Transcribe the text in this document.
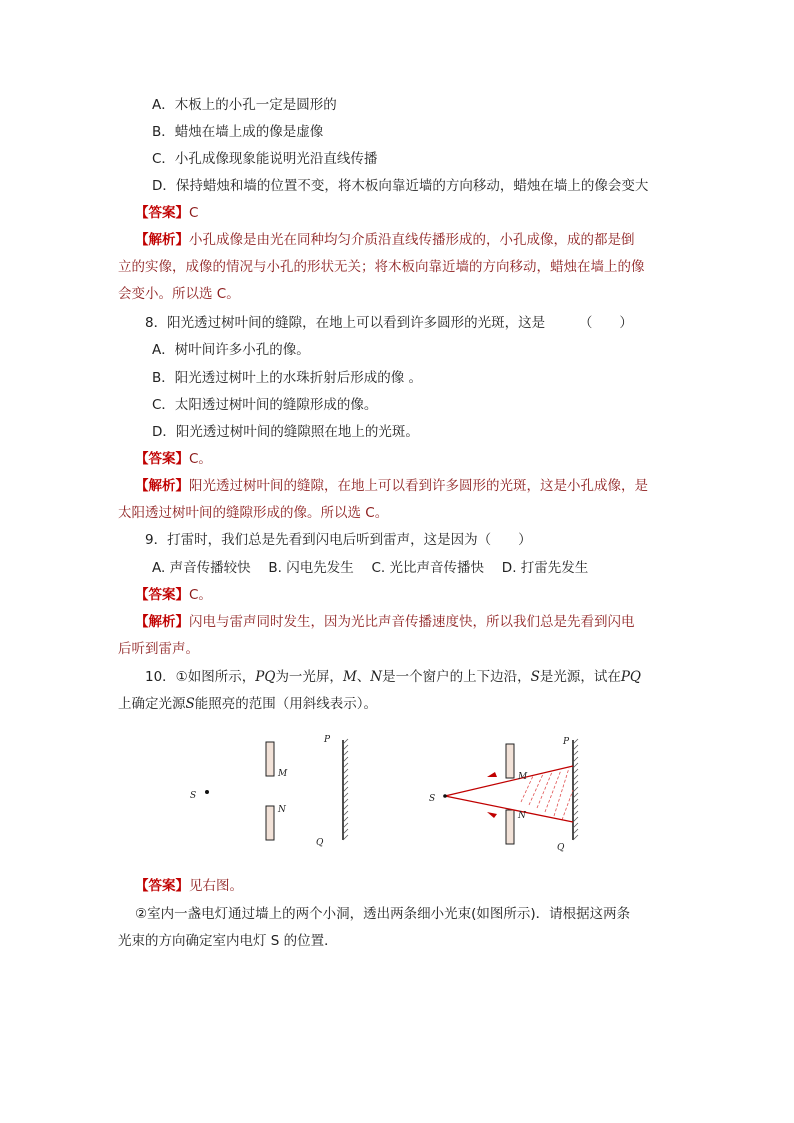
A．木板上的小孔一定是圆形的
B．蜡烛在墙上成的像是虚像
C．小孔成像现象能说明光沿直线传播
D．保持蜡烛和墙的位置不变，将木板向靠近墙的方向移动，蜡烛在墙上的像会变大
【答案】C
【解析】小孔成像是由光在同种均匀介质沿直线传播形成的，小孔成像，成的都是倒
立的实像，成像的情况与小孔的形状无关；将木板向靠近墙的方向移动，蜡烛在墙上的像
会变小。所以选 C。
8．阳光透过树叶间的缝隙，在地上可以看到许多圆形的光斑，这是　　　（　　）
A．树叶间许多小孔的像。
B．阳光透过树叶上的水珠折射后形成的像 。
C．太阳透过树叶间的缝隙形成的像。
D．阳光透过树叶间的缝隙照在地上的光斑。
【答案】C。
【解析】阳光透过树叶间的缝隙，在地上可以看到许多圆形的光斑，这是小孔成像，是
太阳透过树叶间的缝隙形成的像。所以选 C。
9．打雷时，我们总是先看到闪电后听到雷声，这是因为（　　）
A. 声音传播较快　 B. 闪电先发生　 C. 光比声音传播快　 D. 打雷先发生
【答案】C。
【解析】闪电与雷声同时发生，因为光比声音传播速度快，所以我们总是先看到闪电
后听到雷声。
10．①如图所示，PQ为一光屏，M、N是一个窗户的上下边沿，S是光源，试在PQ
上确定光源S能照亮的范围（用斜线表示）。
S
M
N
P
Q
S
M
N
P
Q
【答案】见右图。
②室内一盏电灯通过墙上的两个小洞，透出两条细小光束(如图所示)．请根据这两条
光束的方向确定室内电灯 S 的位置．
